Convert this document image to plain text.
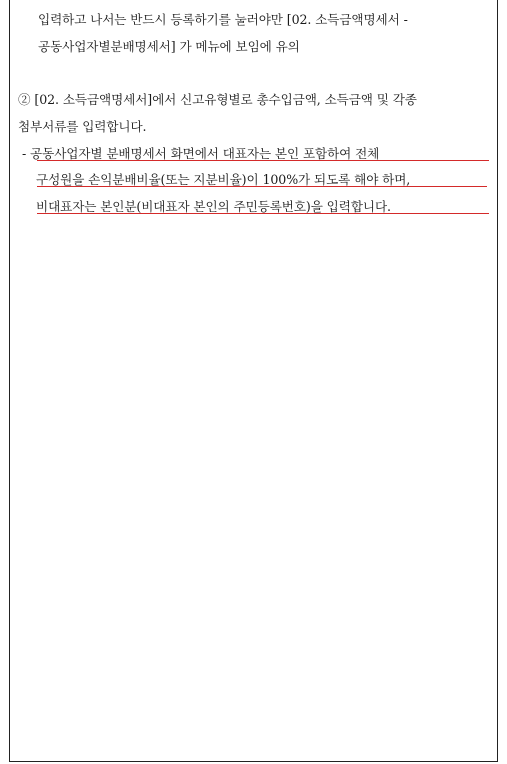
입력하고 나서는 반드시 등록하기를 눌러야만 [02. 소득금액명세서 -
공동사업자별분배명세서] 가 메뉴에 보임에 유의
② [02. 소득금액명세서]에서 신고유형별로 총수입금액, 소득금액 및 각종
첨부서류를 입력합니다.
- 공동사업자별 분배명세서 화면에서 대표자는 본인 포함하여 전체
구성원을 손익분배비율(또는 지분비율)이 100%가 되도록 해야 하며,
비대표자는 본인분(비대표자 본인의 주민등록번호)을 입력합니다.
